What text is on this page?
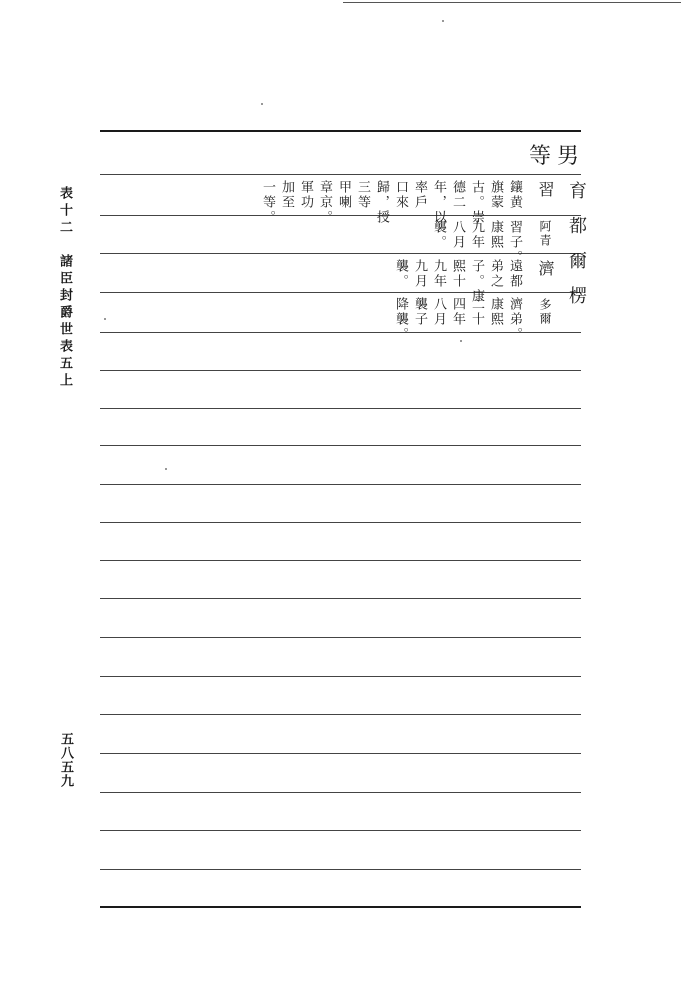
等男
表十二　諸臣封爵世表五上
五八五九
育都爾楞
習
阿青
濟
多爾
鑲黄
旗蒙
古。崇
德二
年，以
率戶
口來
歸，授
三等
甲喇
章京。
軍功
加至
一等。
習子。
康熙
九年
八月
襲。
遠都
弟之
子。康
熙十
九年
九月
襲。
濟弟。
康熙
二十
四年
八月
襲子
降襲。
